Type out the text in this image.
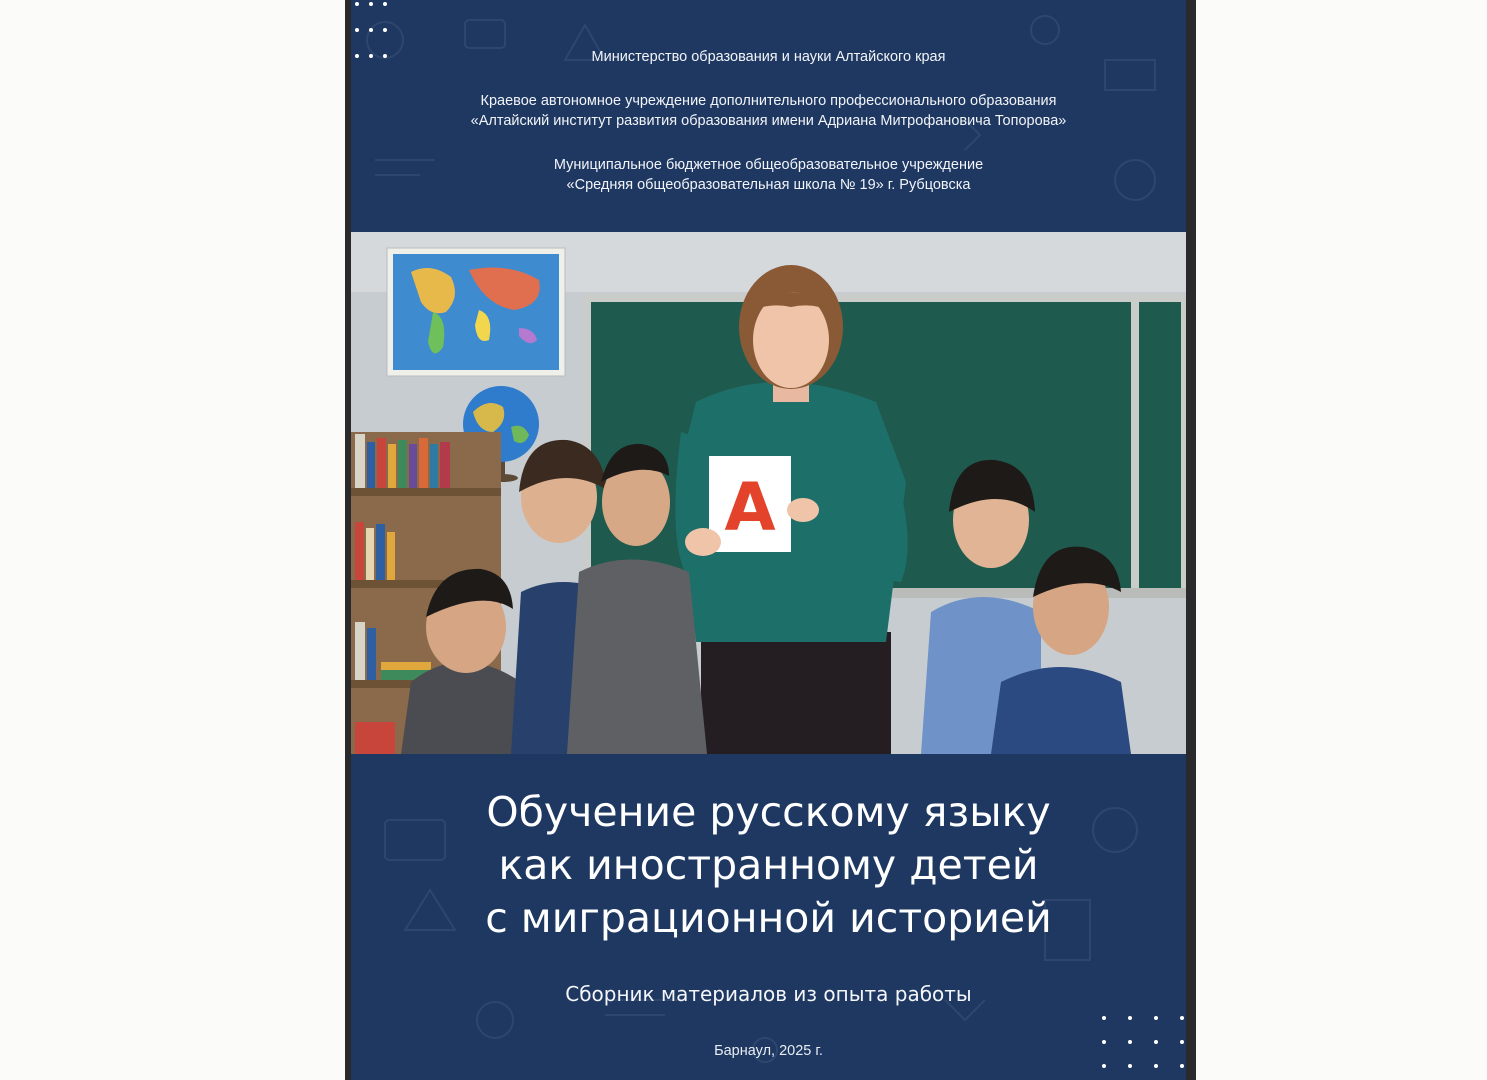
Министерство образования и науки Алтайского края
Краевое автономное учреждение дополнительного профессионального образования
«Алтайский институт развития образования имени Адриана Митрофановича Топорова»
Муниципальное бюджетное общеобразовательное учреждение
«Средняя общеобразовательная школа № 19» г. Рубцовска
А
Обучение русскому языку
как иностранному детей
с миграционной историей
Сборник материалов из опыта работы
Барнаул, 2025 г.
